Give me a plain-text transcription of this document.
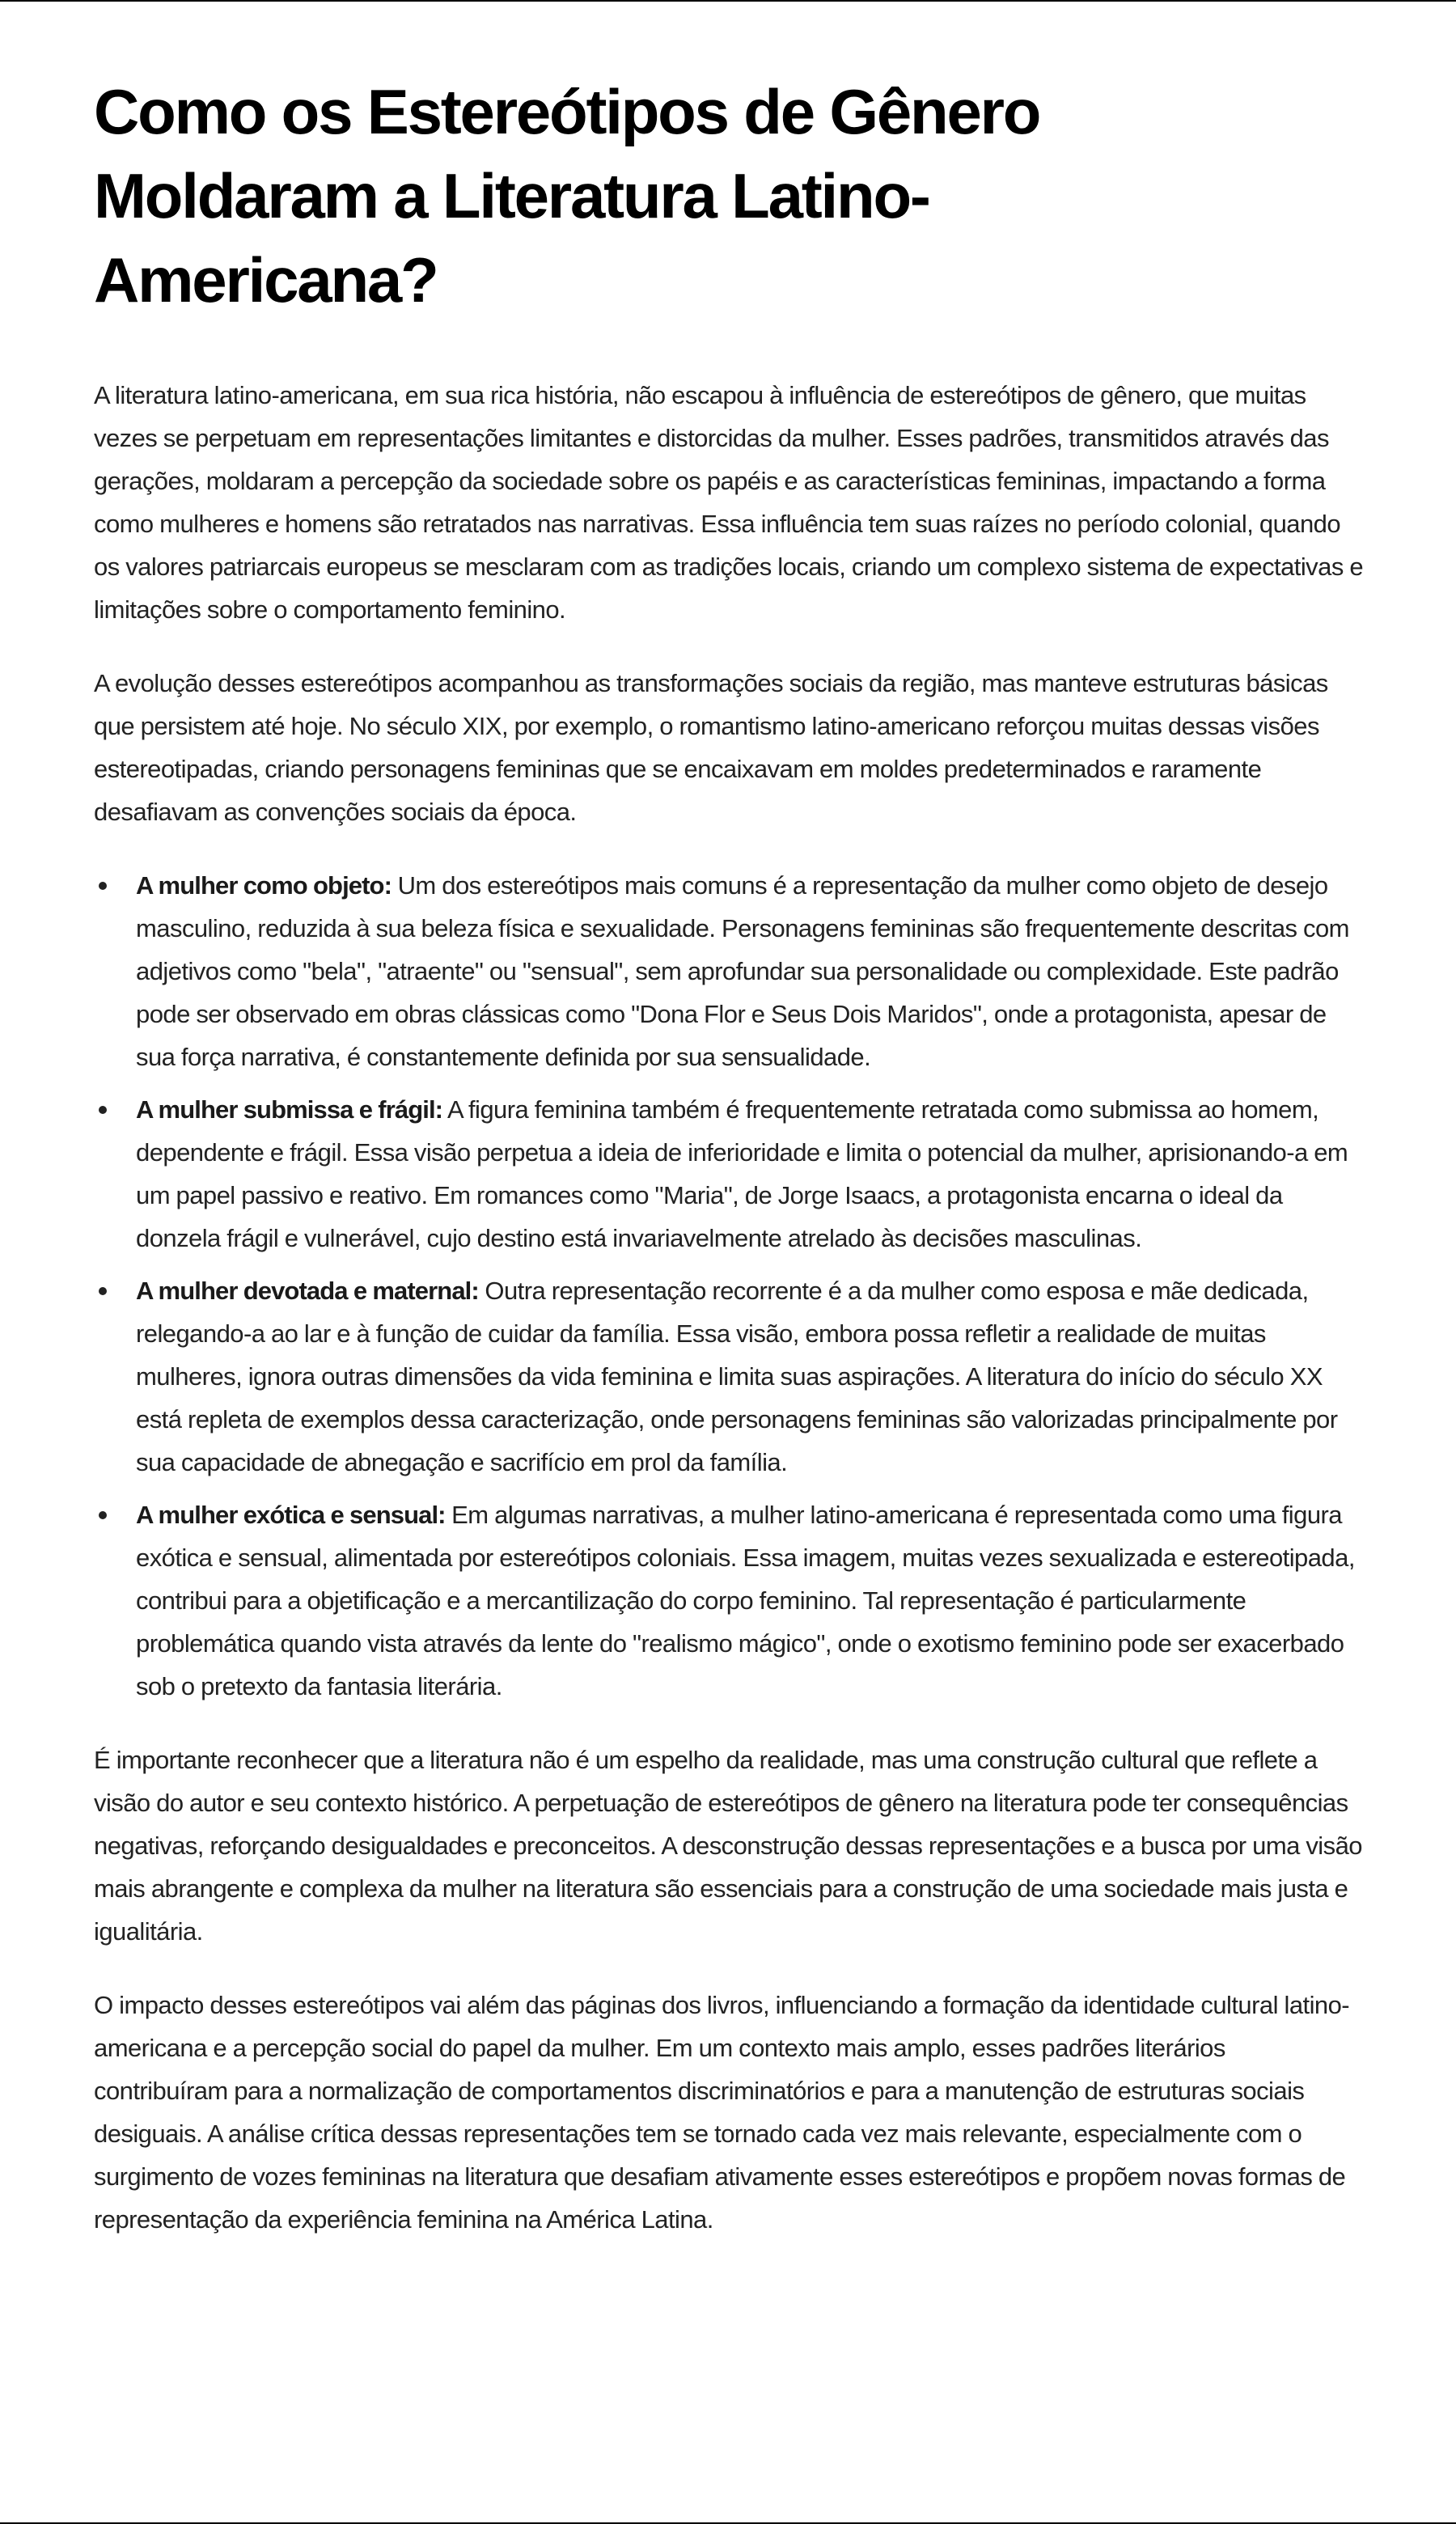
Como os Estereótipos de Gênero Moldaram a Literatura Latino-Americana?

A literatura latino-americana, em sua rica história, não escapou à influência de estereótipos de gênero, que muitas vezes se perpetuam em representações limitantes e distorcidas da mulher. Esses padrões, transmitidos através das gerações, moldaram a percepção da sociedade sobre os papéis e as características femininas, impactando a forma como mulheres e homens são retratados nas narrativas. Essa influência tem suas raízes no período colonial, quando os valores patriarcais europeus se mesclaram com as tradições locais, criando um complexo sistema de expectativas e limitações sobre o comportamento feminino.

A evolução desses estereótipos acompanhou as transformações sociais da região, mas manteve estruturas básicas que persistem até hoje. No século XIX, por exemplo, o romantismo latino-americano reforçou muitas dessas visões estereotipadas, criando personagens femininas que se encaixavam em moldes predeterminados e raramente desafiavam as convenções sociais da época.

A mulher como objeto: Um dos estereótipos mais comuns é a representação da mulher como objeto de desejo masculino, reduzida à sua beleza física e sexualidade. Personagens femininas são frequentemente descritas com adjetivos como "bela", "atraente" ou "sensual", sem aprofundar sua personalidade ou complexidade. Este padrão pode ser observado em obras clássicas como "Dona Flor e Seus Dois Maridos", onde a protagonista, apesar de sua força narrativa, é constantemente definida por sua sensualidade.
A mulher submissa e frágil: A figura feminina também é frequentemente retratada como submissa ao homem, dependente e frágil. Essa visão perpetua a ideia de inferioridade e limita o potencial da mulher, aprisionando-a em um papel passivo e reativo. Em romances como "Maria", de Jorge Isaacs, a protagonista encarna o ideal da donzela frágil e vulnerável, cujo destino está invariavelmente atrelado às decisões masculinas.
A mulher devotada e maternal: Outra representação recorrente é a da mulher como esposa e mãe dedicada, relegando-a ao lar e à função de cuidar da família. Essa visão, embora possa refletir a realidade de muitas mulheres, ignora outras dimensões da vida feminina e limita suas aspirações. A literatura do início do século XX está repleta de exemplos dessa caracterização, onde personagens femininas são valorizadas principalmente por sua capacidade de abnegação e sacrifício em prol da família.
A mulher exótica e sensual: Em algumas narrativas, a mulher latino-americana é representada como uma figura exótica e sensual, alimentada por estereótipos coloniais. Essa imagem, muitas vezes sexualizada e estereotipada, contribui para a objetificação e a mercantilização do corpo feminino. Tal representação é particularmente problemática quando vista através da lente do "realismo mágico", onde o exotismo feminino pode ser exacerbado sob o pretexto da fantasia literária.

É importante reconhecer que a literatura não é um espelho da realidade, mas uma construção cultural que reflete a visão do autor e seu contexto histórico. A perpetuação de estereótipos de gênero na literatura pode ter consequências negativas, reforçando desigualdades e preconceitos. A desconstrução dessas representações e a busca por uma visão mais abrangente e complexa da mulher na literatura são essenciais para a construção de uma sociedade mais justa e igualitária.

O impacto desses estereótipos vai além das páginas dos livros, influenciando a formação da identidade cultural latino-americana e a percepção social do papel da mulher. Em um contexto mais amplo, esses padrões literários contribuíram para a normalização de comportamentos discriminatórios e para a manutenção de estruturas sociais desiguais. A análise crítica dessas representações tem se tornado cada vez mais relevante, especialmente com o surgimento de vozes femininas na literatura que desafiam ativamente esses estereótipos e propõem novas formas de representação da experiência feminina na América Latina.
